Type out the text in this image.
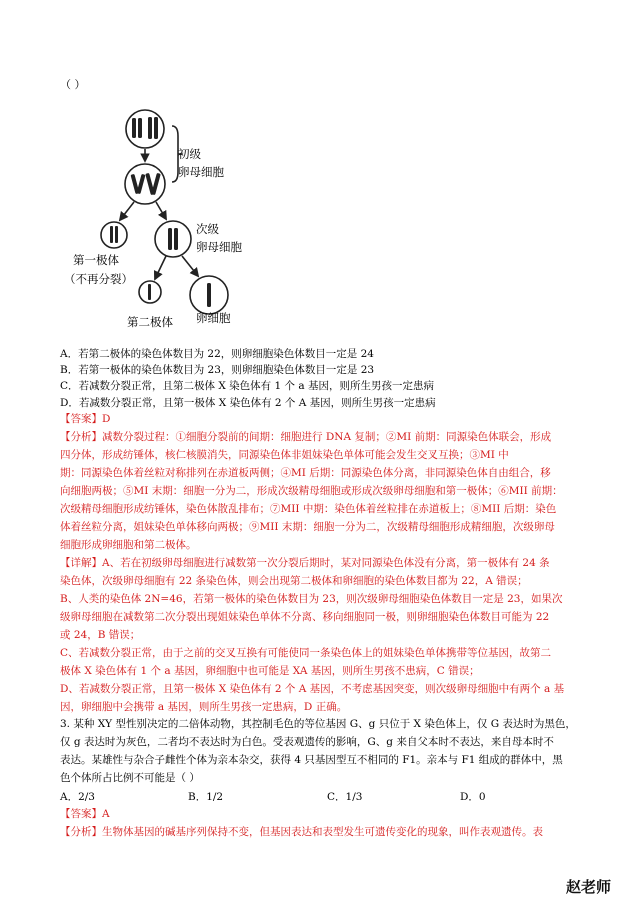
（ ）
初级
卵母细胞
次级
卵母细胞
第一极体
（不再分裂）
第二极体 卵细胞
A．若第二极体的染色体数目为 22，则卵细胞染色体数目一定是 24
B．若第一极体的染色体数目为 23，则卵细胞染色体数目一定是 23
C．若减数分裂正常，且第二极体 X 染色体有 1 个 a 基因，则所生男孩一定患病
D．若减数分裂正常，且第一极体 X 染色体有 2 个 A 基因，则所生男孩一定患病
【答案】D
【分析】减数分裂过程：①细胞分裂前的间期：细胞进行 DNA 复制；②MI 前期：同源染色体联会，形成
四分体，形成纺锤体，核仁核膜消失，同源染色体非姐妹染色单体可能会发生交叉互换；③MI 中
期：同源染色体着丝粒对称排列在赤道板两侧；④MI 后期：同源染色体分离，非同源染色体自由组合，移
向细胞两极；⑤MI 末期：细胞一分为二，形成次级精母细胞或形成次级卵母细胞和第一极体；⑥MII 前期：
次级精母细胞形成纺锤体，染色体散乱排布；⑦MII 中期：染色体着丝粒排在赤道板上；⑧MII 后期：染色
体着丝粒分离，姐妹染色单体移向两极；⑨MII 末期：细胞一分为二，次级精母细胞形成精细胞，次级卵母
细胞形成卵细胞和第二极体。
【详解】A、若在初级卵母细胞进行减数第一次分裂后期时，某对同源染色体没有分离，第一极体有 24 条
染色体，次级卵母细胞有 22 条染色体，则会出现第二极体和卵细胞的染色体数目都为 22，A 错误；
B、人类的染色体 2N=46，若第一极体的染色体数目为 23，则次级卵母细胞染色体数目一定是 23，如果次
级卵母细胞在减数第二次分裂出现姐妹染色单体不分离、移向细胞同一极，则卵细胞染色体数目可能为 22
或 24，B 错误；
C、若减数分裂正常，由于之前的交叉互换有可能使同一条染色体上的姐妹染色单体携带等位基因，故第二
极体 X 染色体有 1 个 a 基因，卵细胞中也可能是 XA 基因，则所生男孩不患病，C 错误；
D、若减数分裂正常，且第一极体 X 染色体有 2 个 A 基因，不考虑基因突变，则次级卵母细胞中有两个 a 基
因，卵细胞中会携带 a 基因，则所生男孩一定患病，D 正确。
3. 某种 XY 型性别决定的二倍体动物，其控制毛色的等位基因 G、g 只位于 X 染色体上，仅 G 表达时为黑色，
仅 g 表达时为灰色，二者均不表达时为白色。受表观遗传的影响，G、g 来自父本时不表达，来自母本时不
表达。某雄性与杂合子雌性个体为亲本杂交，获得 4 只基因型互不相同的 F1。亲本与 F1 组成的群体中，黑
色个体所占比例不可能是（ ）
A．2/3	B．1/2	C．1/3	D．0
【答案】A
【分析】生物体基因的碱基序列保持不变，但基因表达和表型发生可遗传变化的现象，叫作表观遗传。表
赵老师
